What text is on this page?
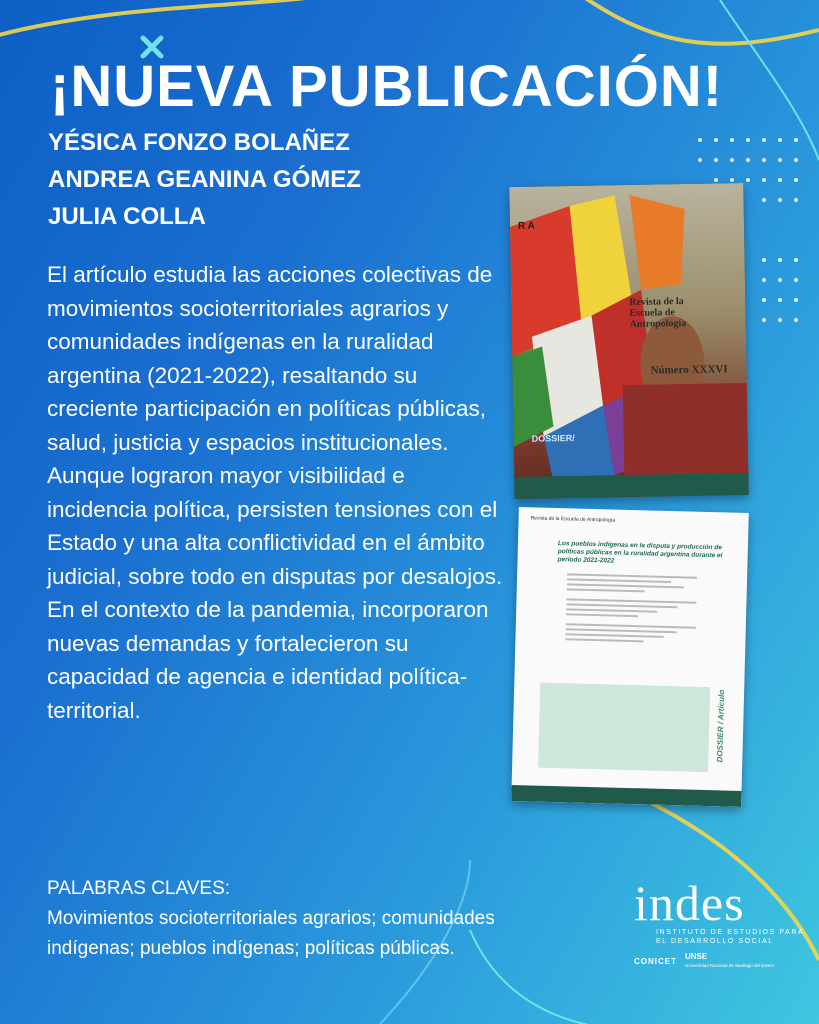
¡NUEVA PUBLICACIÓN!
YÉSICA FONZO BOLAÑEZ
ANDREA GEANINA GÓMEZ
JULIA COLLA

El artículo estudia las acciones colectivas de movimientos socioterritoriales agrarios y comunidades indígenas en la ruralidad argentina (2021-2022), resaltando su creciente participación en políticas públicas, salud, justicia y espacios institucionales. Aunque lograron mayor visibilidad e incidencia política, persisten tensiones con el Estado y una alta conflictividad en el ámbito judicial, sobre todo en disputas por desalojos. En el contexto de la pandemia, incorporaron nuevas demandas y fortalecieron su capacidad de agencia e identidad política-territorial.

PALABRAS CLAVES:
Movimientos socioterritoriales agrarios; comunidades indígenas; pueblos indígenas; políticas públicas.
R A
Revista de la Escuela de Antropología
Número XXXVI
DOSSIER/
Revista de la Escuela de Antropología
Los pueblos indígenas en la disputa y producción de políticas públicas en la ruralidad argentina durante el período 2021-2022
DOSSIER / Artículo
indes
INSTITUTO DE ESTUDIOS PARA EL DESARROLLO SOCIAL
CONICET UNSE
Universidad Nacional de Santiago del Estero
